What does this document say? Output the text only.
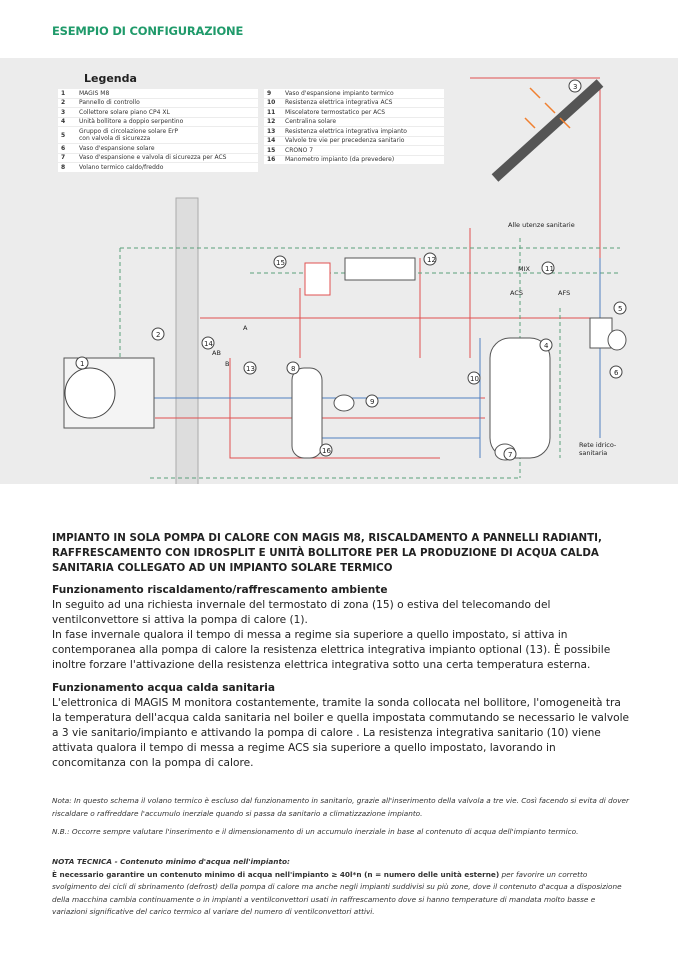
ESEMPIO DI CONFIGURAZIONE
1
2
3
4
5
6
7
8
9
10
11
12
13
14
15
16
Alle utenze sanitarie
MIX
ACS	AFS
Rete idrico-sanitaria
A
B
AB
Legenda
1	MAGIS M8
2	Pannello di controllo
3	Collettore solare piano CP4 XL
4	Unità bollitore a doppio serpentino
5	Gruppo di circolazione solare ErP con valvola di sicurezza
6	Vaso d'espansione solare
7	Vaso d'espansione e valvola di sicurezza per ACS
8	Volano termico caldo/freddo
9	Vaso d'espansione impianto termico
10	Resistenza elettrica integrativa ACS
11	Miscelatore termostatico per ACS
12	Centralina solare
13	Resistenza elettrica integrativa impianto
14	Valvole tre vie per precedenza sanitario
15	CRONO 7
16	Manometro impianto (da prevedere)
IMPIANTO IN SOLA POMPA DI CALORE CON MAGIS M8, RISCALDAMENTO A PANNELLI RADIANTI, RAFFRESCAMENTO CON IDROSPLIT E UNITÀ BOLLITORE PER LA PRODUZIONE DI ACQUA CALDA SANITARIA COLLEGATO AD UN IMPIANTO SOLARE TERMICO
Funzionamento riscaldamento/raffrescamento ambiente

In seguito ad una richiesta invernale del termostato di zona (15) o estiva del telecomando del ventilconvettore si attiva la pompa di calore (1).

In fase invernale qualora il tempo di messa a regime sia superiore a quello impostato, si attiva in contemporanea alla pompa di calore la resistenza elettrica integrativa impianto optional (13). È possibile inoltre forzare l'attivazione della resistenza elettrica integrativa sotto una certa temperatura esterna.

Funzionamento acqua calda sanitaria

L'elettronica di MAGIS M monitora costantemente, tramite la sonda collocata nel bollitore, l'omogeneità tra la temperatura dell'acqua calda sanitaria nel boiler e quella impostata commutando se necessario le valvole a 3 vie sanitario/impianto e attivando la pompa di calore . La resistenza integrativa sanitario (10) viene attivata qualora il tempo di messa a regime ACS sia superiore a quello impostato, lavorando in concomitanza con la pompa di calore.

Nota: In questo schema il volano termico è escluso dal funzionamento in sanitario, grazie all'inserimento della valvola a tre vie. Così facendo si evita di dover riscaldare o raffreddare l'accumulo inerziale quando si passa da sanitario a climatizzazione impianto.
N.B.: Occorre sempre valutare l'inserimento e il dimensionamento di un accumulo inerziale in base al contenuto di acqua dell'impianto termico.
NOTA TECNICA - Contenuto minimo d'acqua nell'impianto:
È necessario garantire un contenuto minimo di acqua nell'impianto ≥ 40l*n (n = numero delle unità esterne) per favorire un corretto svolgimento dei cicli di sbrinamento (defrost) della pompa di calore ma anche negli impianti suddivisi su più zone, dove il contenuto d'acqua a disposizione della macchina cambia continuamente o in impianti a ventilconvettori usati in raffrescamento dove si hanno temperature di mandata molto basse e variazioni significative del carico termico al variare del numero di ventilconvettori attivi.
